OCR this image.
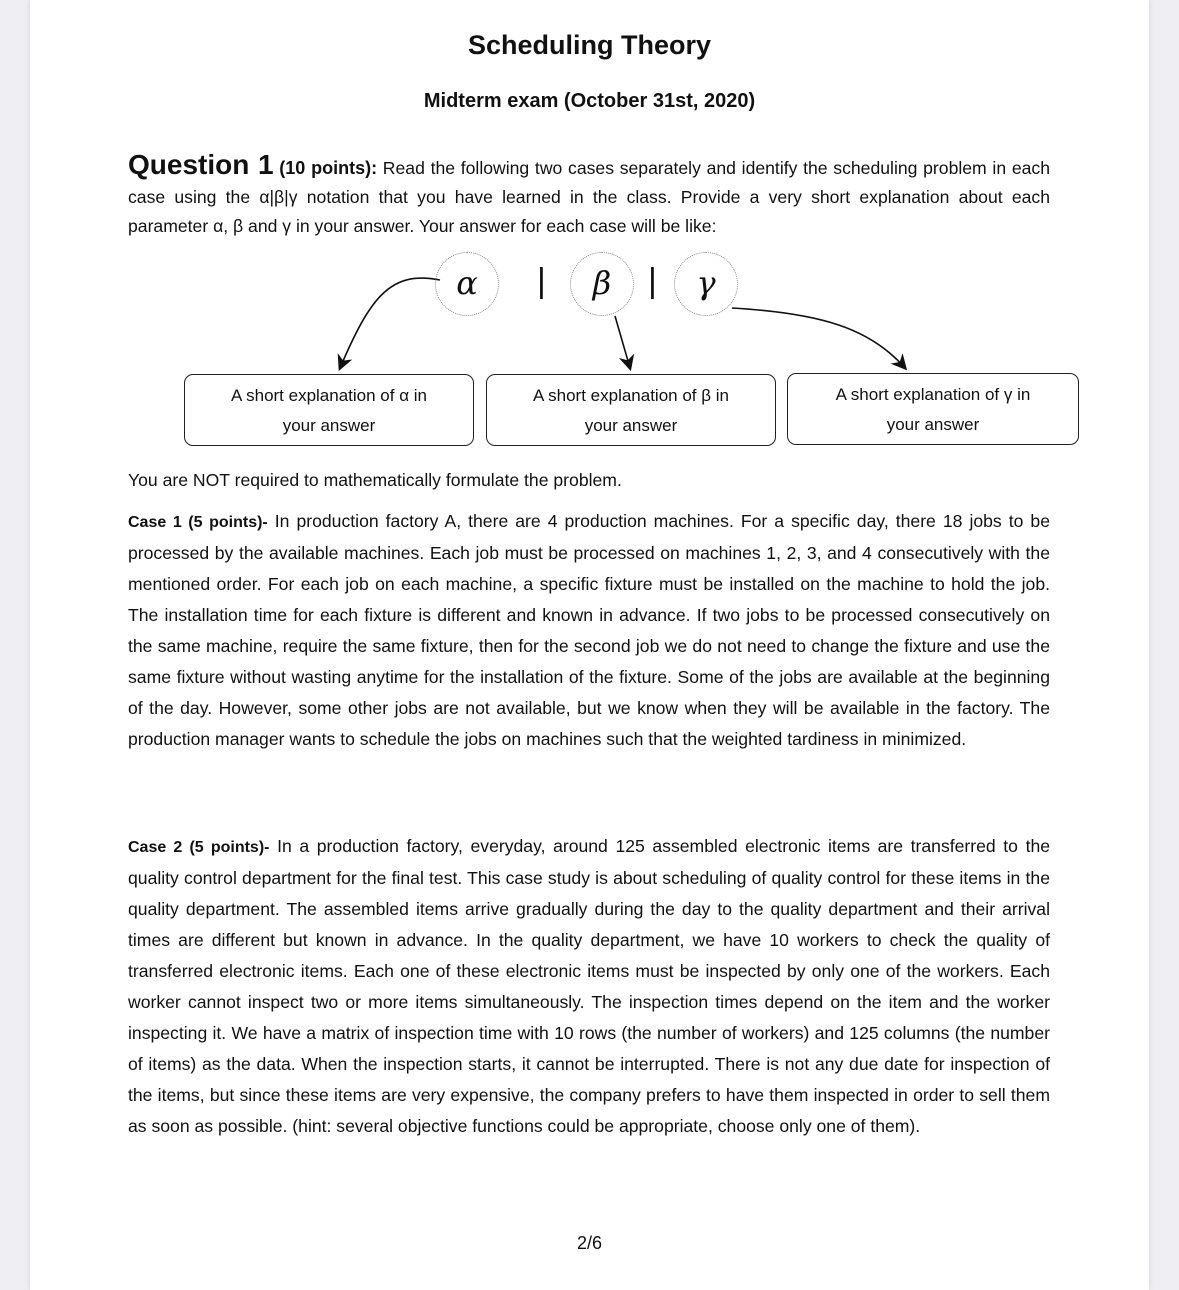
Scheduling Theory
Midterm exam (October 31st, 2020)
Question 1 (10 points): Read the following two cases separately and identify the scheduling problem in each case using the α|β|γ notation that you have learned in the class. Provide a very short explanation about each parameter α, β and γ in your answer. Your answer for each case will be like:
α	|	β	|	γ
A short explanation of α in
your answer
A short explanation of β in
your answer
A short explanation of γ in
your answer
You are NOT required to mathematically formulate the problem.
Case 1 (5 points)- In production factory A, there are 4 production machines. For a specific day, there 18 jobs to be processed by the available machines. Each job must be processed on machines 1, 2, 3, and 4 consecutively with the mentioned order. For each job on each machine, a specific fixture must be installed on the machine to hold the job. The installation time for each fixture is different and known in advance. If two jobs to be processed consecutively on the same machine, require the same fixture, then for the second job we do not need to change the fixture and use the same fixture without wasting anytime for the installation of the fixture. Some of the jobs are available at the beginning of the day. However, some other jobs are not available, but we know when they will be available in the factory. The production manager wants to schedule the jobs on machines such that the weighted tardiness in minimized.
Case 2 (5 points)- In a production factory, everyday, around 125 assembled electronic items are transferred to the quality control department for the final test. This case study is about scheduling of quality control for these items in the quality department. The assembled items arrive gradually during the day to the quality department and their arrival times are different but known in advance. In the quality department, we have 10 workers to check the quality of transferred electronic items. Each one of these electronic items must be inspected by only one of the workers. Each worker cannot inspect two or more items simultaneously. The inspection times depend on the item and the worker inspecting it. We have a matrix of inspection time with 10 rows (the number of workers) and 125 columns (the number of items) as the data. When the inspection starts, it cannot be interrupted. There is not any due date for inspection of the items, but since these items are very expensive, the company prefers to have them inspected in order to sell them as soon as possible. (hint: several objective functions could be appropriate, choose only one of them).
2/6
